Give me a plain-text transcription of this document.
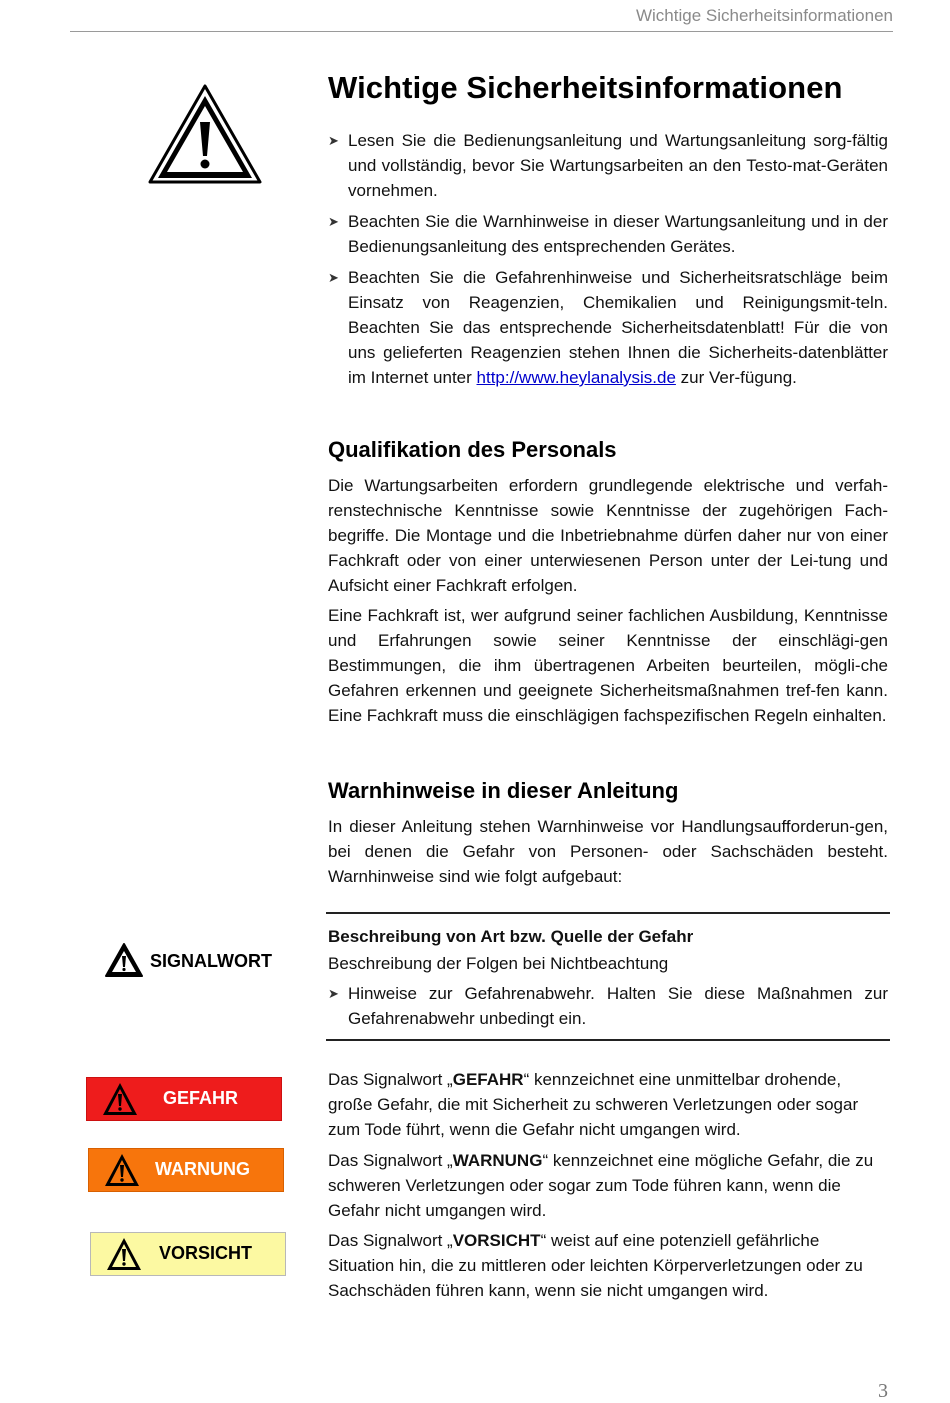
Wichtige Sicherheitsinformationen
Wichtige Sicherheitsinformationen

➤ Lesen Sie die Bedienungsanleitung und Wartungsanleitung sorg-fältig und vollständig, bevor Sie Wartungsarbeiten an den Testo-mat-Geräten vornehmen.

➤ Beachten Sie die Warnhinweise in dieser Wartungsanleitung und in der Bedienungsanleitung des entsprechenden Gerätes.

➤ Beachten Sie die Gefahrenhinweise und Sicherheitsratschläge beim Einsatz von Reagenzien, Chemikalien und Reinigungsmit-teln. Beachten Sie das entsprechende Sicherheitsdatenblatt! Für die von uns gelieferten Reagenzien stehen Ihnen die Sicherheits-datenblätter im Internet unter http://www.heylanalysis.de zur Ver-fügung.

Qualifikation des Personals

Die Wartungsarbeiten erfordern grundlegende elektrische und verfah-renstechnische Kenntnisse sowie Kenntnisse der zugehörigen Fach-begriffe. Die Montage und die Inbetriebnahme dürfen daher nur von einer Fachkraft oder von einer unterwiesenen Person unter der Lei-tung und Aufsicht einer Fachkraft erfolgen.

Eine Fachkraft ist, wer aufgrund seiner fachlichen Ausbildung, Kenntnisse und Erfahrungen sowie seiner Kenntnisse der einschlägi-gen Bestimmungen, die ihm übertragenen Arbeiten beurteilen, mögli-che Gefahren erkennen und geeignete Sicherheitsmaßnahmen tref-fen kann. Eine Fachkraft muss die einschlägigen fachspezifischen Regeln einhalten.

Warnhinweise in dieser Anleitung

In dieser Anleitung stehen Warnhinweise vor Handlungsaufforderun-gen, bei denen die Gefahr von Personen- oder Sachschäden besteht. Warnhinweise sind wie folgt aufgebaut:

SIGNALWORT

Beschreibung von Art bzw. Quelle der Gefahr

Beschreibung der Folgen bei Nichtbeachtung

➤ Hinweise zur Gefahrenabwehr. Halten Sie diese Maßnahmen zur Gefahrenabwehr unbedingt ein.

GEFAHR
WARNUNG
VORSICHT
Das Signalwort „GEFAHR“ kennzeichnet eine unmittelbar drohende, große Gefahr, die mit Sicherheit zu schweren Verletzungen oder sogar zum Tode führt, wenn die Gefahr nicht umgangen wird.
Das Signalwort „WARNUNG“ kennzeichnet eine mögliche Gefahr, die zu schweren Verletzungen oder sogar zum Tode führen kann, wenn die Gefahr nicht umgangen wird.
Das Signalwort „VORSICHT“ weist auf eine potenziell gefährliche Situation hin, die zu mittleren oder leichten Körperverletzungen oder zu Sachschäden führen kann, wenn sie nicht umgangen wird.
3
